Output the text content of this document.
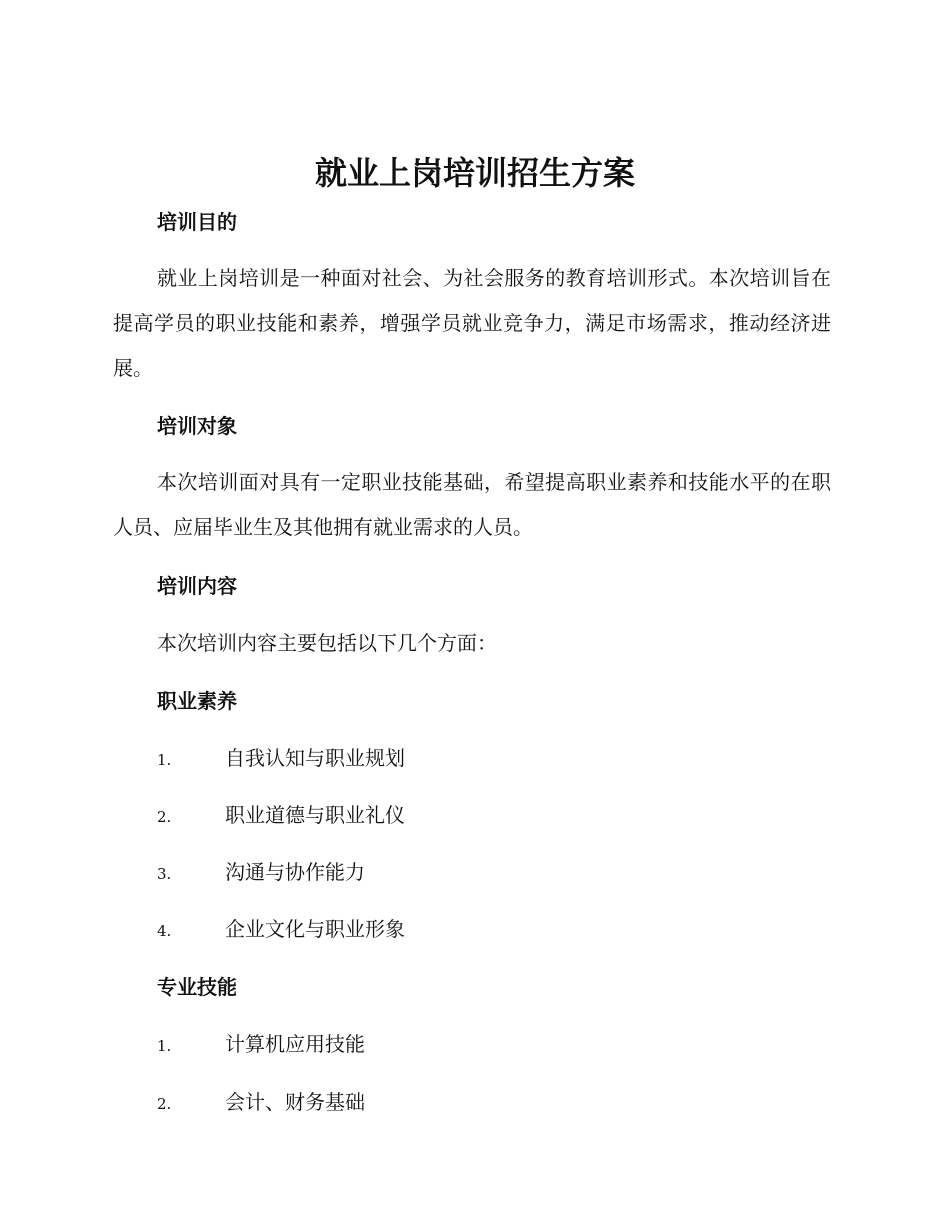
就业上岗培训招生方案
培训目的
就业上岗培训是一种面对社会、为社会服务的教育培训形式。本次培训旨在提高学员的职业技能和素养，增强学员就业竞争力，满足市场需求，推动经济进展。
培训对象
本次培训面对具有一定职业技能基础，希望提高职业素养和技能水平的在职人员、应届毕业生及其他拥有就业需求的人员。
培训内容
本次培训内容主要包括以下几个方面：
职业素养
1.	自我认知与职业规划
2.	职业道德与职业礼仪
3.	沟通与协作能力
4.	企业文化与职业形象
专业技能
1.	计算机应用技能
2.	会计、财务基础
